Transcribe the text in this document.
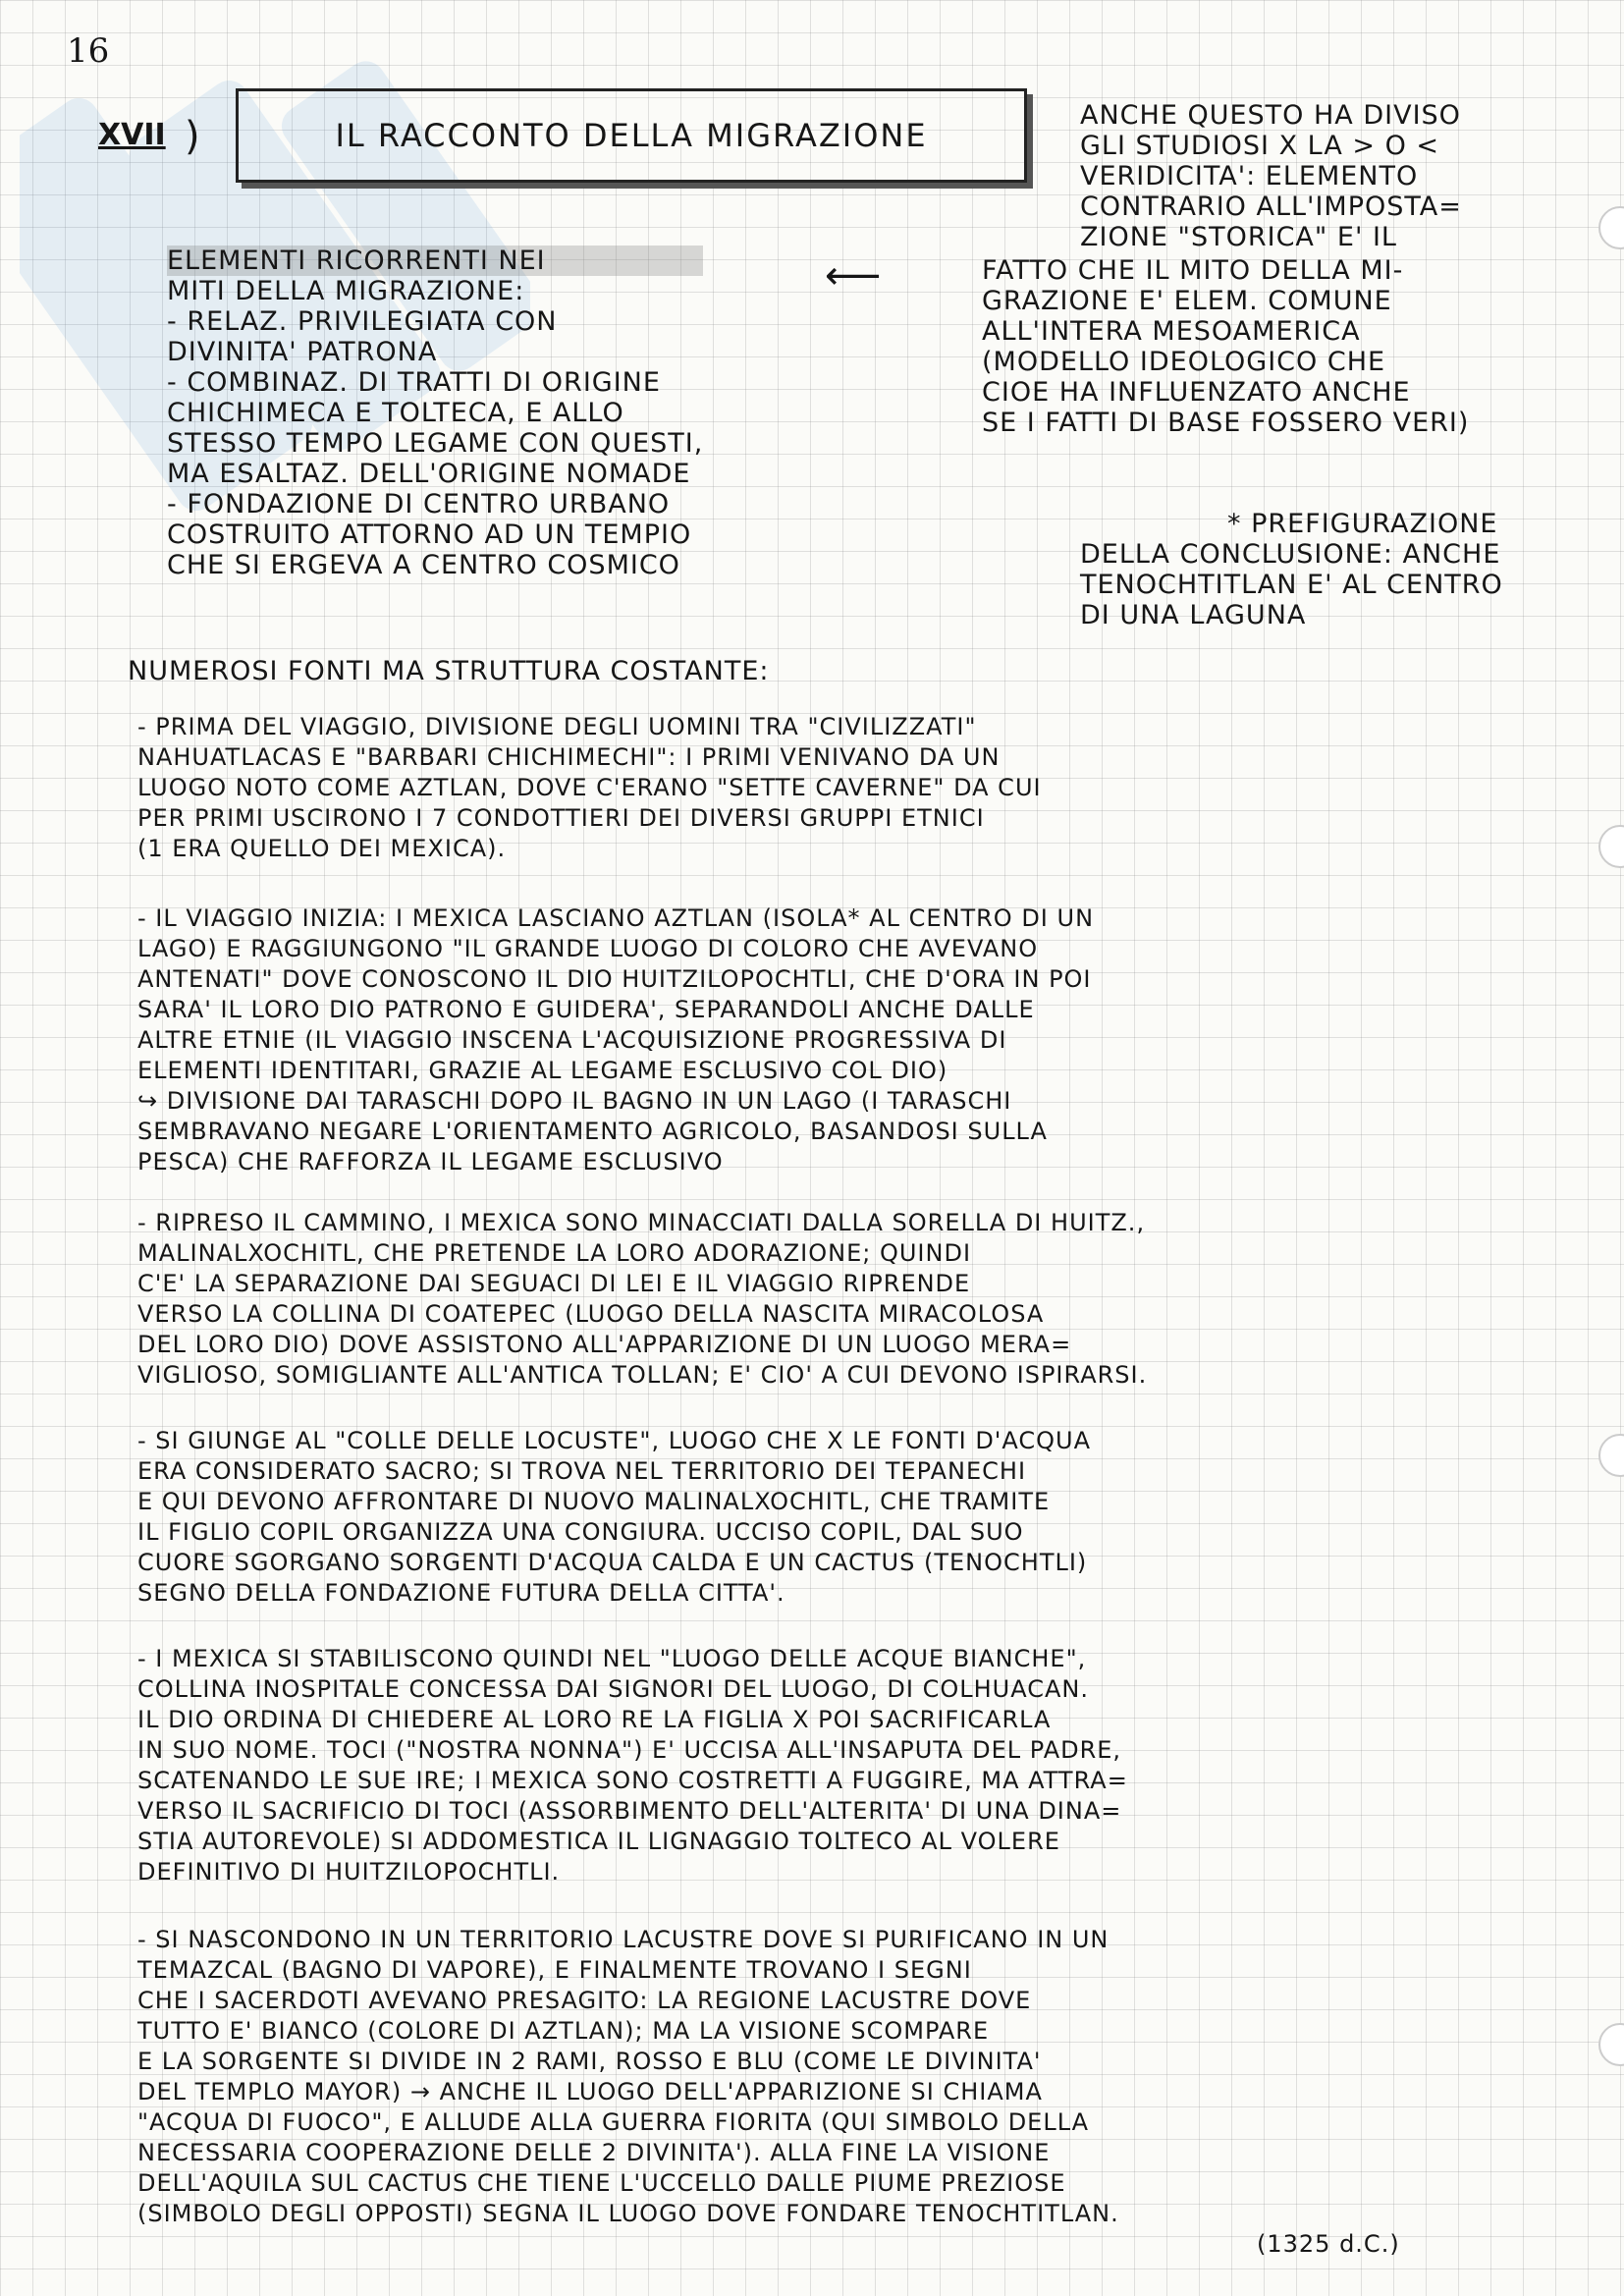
16
XVII )	IL RACCONTO DELLA MIGRAZIONE
ANCHE QUESTO HA DIVISO
GLI STUDIOSI X LA > O <
VERIDICITA': ELEMENTO
CONTRARIO ALL'IMPOSTA=
ZIONE "STORICA" E' IL
FATTO CHE IL MITO DELLA MI-
GRAZIONE E' ELEM. COMUNE
ALL'INTERA MESOAMERICA
(MODELLO IDEOLOGICO CHE
CIOE HA INFLUENZATO ANCHE
SE I FATTI DI BASE FOSSERO VERI)
⟵
ELEMENTI RICORRENTI NEI
MITI DELLA MIGRAZIONE:
- RELAZ. PRIVILEGIATA CON
DIVINITA' PATRONA
- COMBINAZ. DI TRATTI DI ORIGINE
CHICHIMECA E TOLTECA, E ALLO
STESSO TEMPO LEGAME CON QUESTI,
MA ESALTAZ. DELL'ORIGINE NOMADE
- FONDAZIONE DI CENTRO URBANO
COSTRUITO ATTORNO AD UN TEMPIO
CHE SI ERGEVA A CENTRO COSMICO
* PREFIGURAZIONE
DELLA CONCLUSIONE: ANCHE
TENOCHTITLAN E' AL CENTRO
DI UNA LAGUNA
NUMEROSI FONTI MA STRUTTURA COSTANTE:
- PRIMA DEL VIAGGIO, DIVISIONE DEGLI UOMINI TRA "CIVILIZZATI"
NAHUATLACAS E "BARBARI CHICHIMECHI": I PRIMI VENIVANO DA UN
LUOGO NOTO COME AZTLAN, DOVE C'ERANO "SETTE CAVERNE" DA CUI
PER PRIMI USCIRONO I 7 CONDOTTIERI DEI DIVERSI GRUPPI ETNICI
(1 ERA QUELLO DEI MEXICA).
- IL VIAGGIO INIZIA: I MEXICA LASCIANO AZTLAN (ISOLA* AL CENTRO DI UN
LAGO) E RAGGIUNGONO "IL GRANDE LUOGO DI COLORO CHE AVEVANO
ANTENATI" DOVE CONOSCONO IL DIO HUITZILOPOCHTLI, CHE D'ORA IN POI
SARA' IL LORO DIO PATRONO E GUIDERA', SEPARANDOLI ANCHE DALLE
ALTRE ETNIE (IL VIAGGIO INSCENA L'ACQUISIZIONE PROGRESSIVA DI
ELEMENTI IDENTITARI, GRAZIE AL LEGAME ESCLUSIVO COL DIO)
↪ DIVISIONE DAI TARASCHI DOPO IL BAGNO IN UN LAGO (I TARASCHI
SEMBRAVANO NEGARE L'ORIENTAMENTO AGRICOLO, BASANDOSI SULLA
PESCA) CHE RAFFORZA IL LEGAME ESCLUSIVO
- RIPRESO IL CAMMINO, I MEXICA SONO MINACCIATI DALLA SORELLA DI HUITZ.,
MALINALXOCHITL, CHE PRETENDE LA LORO ADORAZIONE; QUINDI
C'E' LA SEPARAZIONE DAI SEGUACI DI LEI E IL VIAGGIO RIPRENDE
VERSO LA COLLINA DI COATEPEC (LUOGO DELLA NASCITA MIRACOLOSA
DEL LORO DIO) DOVE ASSISTONO ALL'APPARIZIONE DI UN LUOGO MERA=
VIGLIOSO, SOMIGLIANTE ALL'ANTICA TOLLAN; E' CIO' A CUI DEVONO ISPIRARSI.
- SI GIUNGE AL "COLLE DELLE LOCUSTE", LUOGO CHE X LE FONTI D'ACQUA
ERA CONSIDERATO SACRO; SI TROVA NEL TERRITORIO DEI TEPANECHI
E QUI DEVONO AFFRONTARE DI NUOVO MALINALXOCHITL, CHE TRAMITE
IL FIGLIO COPIL ORGANIZZA UNA CONGIURA. UCCISO COPIL, DAL SUO
CUORE SGORGANO SORGENTI D'ACQUA CALDA E UN CACTUS (TENOCHTLI)
SEGNO DELLA FONDAZIONE FUTURA DELLA CITTA'.
- I MEXICA SI STABILISCONO QUINDI NEL "LUOGO DELLE ACQUE BIANCHE",
COLLINA INOSPITALE CONCESSA DAI SIGNORI DEL LUOGO, DI COLHUACAN.
IL DIO ORDINA DI CHIEDERE AL LORO RE LA FIGLIA X POI SACRIFICARLA
IN SUO NOME. TOCI ("NOSTRA NONNA") E' UCCISA ALL'INSAPUTA DEL PADRE,
SCATENANDO LE SUE IRE; I MEXICA SONO COSTRETTI A FUGGIRE, MA ATTRA=
VERSO IL SACRIFICIO DI TOCI (ASSORBIMENTO DELL'ALTERITA' DI UNA DINA=
STIA AUTOREVOLE) SI ADDOMESTICA IL LIGNAGGIO TOLTECO AL VOLERE
DEFINITIVO DI HUITZILOPOCHTLI.
- SI NASCONDONO IN UN TERRITORIO LACUSTRE DOVE SI PURIFICANO IN UN
TEMAZCAL (BAGNO DI VAPORE), E FINALMENTE TROVANO I SEGNI
CHE I SACERDOTI AVEVANO PRESAGITO: LA REGIONE LACUSTRE DOVE
TUTTO E' BIANCO (COLORE DI AZTLAN); MA LA VISIONE SCOMPARE
E LA SORGENTE SI DIVIDE IN 2 RAMI, ROSSO E BLU (COME LE DIVINITA'
DEL TEMPLO MAYOR) → ANCHE IL LUOGO DELL'APPARIZIONE SI CHIAMA
"ACQUA DI FUOCO", E ALLUDE ALLA GUERRA FIORITA (QUI SIMBOLO DELLA
NECESSARIA COOPERAZIONE DELLE 2 DIVINITA'). ALLA FINE LA VISIONE
DELL'AQUILA SUL CACTUS CHE TIENE L'UCCELLO DALLE PIUME PREZIOSE
(SIMBOLO DEGLI OPPOSTI) SEGNA IL LUOGO DOVE FONDARE TENOCHTITLAN.
(1325 d.C.)
